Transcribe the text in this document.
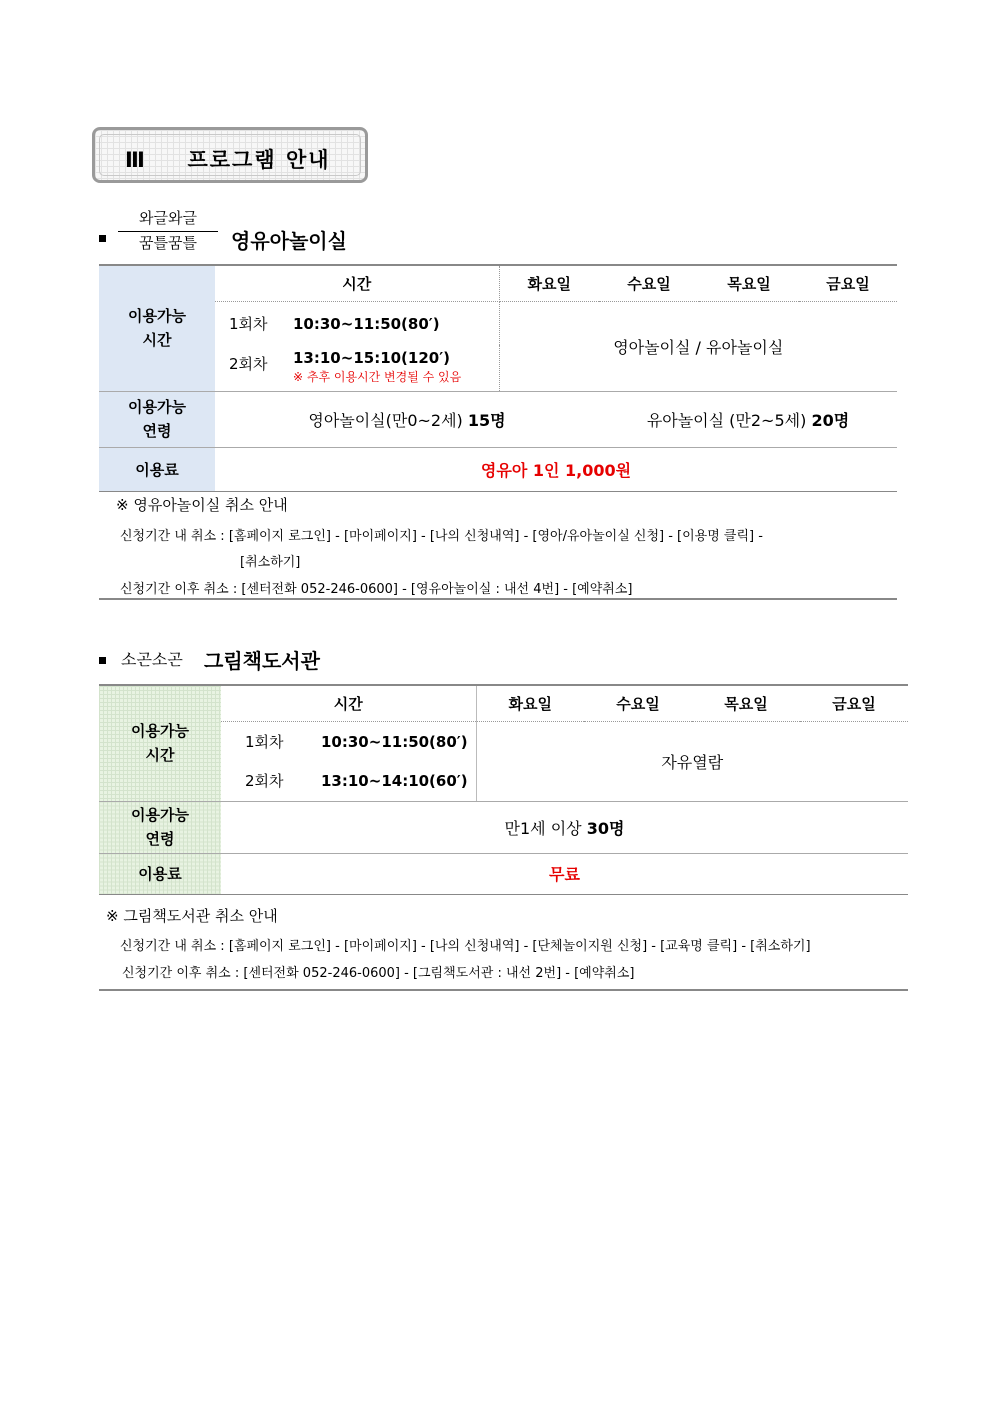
Ⅲ 프로그램 안내
와글와글
꿈틀꿈틀	영유아놀이실
이용가능
시간	시간	화요일	수요일	목요일	금요일
	1회차 10:30~11:50(80′)	영아놀이실 / 유아놀이실			
	2회차 13:10~15:10(120′)
※ 추후 이용시간 변경될 수 있음				
이용가능
연령	영아놀이실(만0~2세) 15명		유아놀이실 (만2~5세) 20명		
이용료	영유아 1인 1,000원				
※ 영유아놀이실 취소 안내
신청기간 내 취소 : [홈페이지 로그인] - [마이페이지] - [나의 신청내역] - [영아/유아놀이실 신청] - [이용명 클릭] -
[취소하기]
신청기간 이후 취소 : [센터전화 052-246-0600] - [영유아놀이실 : 내선 4번] - [예약취소]
소곤소곤 그림책도서관
이용가능
시간	시간	화요일	수요일	목요일	금요일
	1회차 10:30~11:50(80′)	자유열람			
	2회차 13:10~14:10(60′)				
이용가능
연령	만1세 이상 30명				
이용료	무료				
※ 그림책도서관 취소 안내
신청기간 내 취소 : [홈페이지 로그인] - [마이페이지] - [나의 신청내역] - [단체놀이지원 신청] - [교육명 클릭] - [취소하기]
신청기간 이후 취소 : [센터전화 052-246-0600] - [그림책도서관 : 내선 2번] - [예약취소]
